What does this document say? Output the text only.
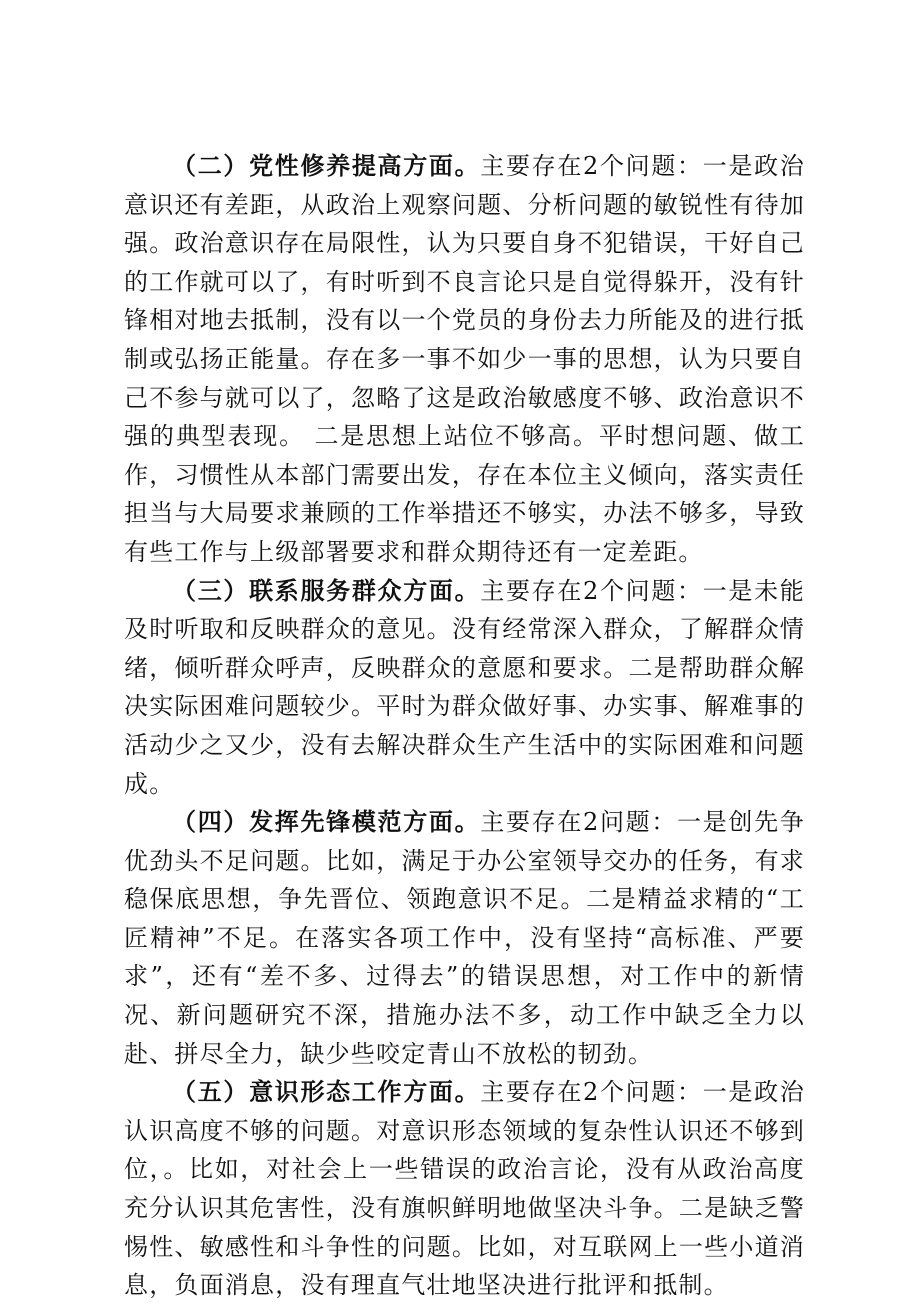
（二）党性修养提高方面。主要存在2个问题：一是政治意识还有差距，从政治上观察问题、分析问题的敏锐性有待加强。政治意识存在局限性，认为只要自身不犯错误，干好自己的工作就可以了，有时听到不良言论只是自觉得躲开，没有针锋相对地去抵制，没有以一个党员的身份去力所能及的进行抵制或弘扬正能量。存在多一事不如少一事的思想，认为只要自己不参与就可以了，忽略了这是政治敏感度不够、政治意识不强的典型表现。 二是思想上站位不够高。平时想问题、做工作，习惯性从本部门需要出发，存在本位主义倾向，落实责任担当与大局要求兼顾的工作举措还不够实，办法不够多，导致有些工作与上级部署要求和群众期待还有一定差距。

（三）联系服务群众方面。主要存在2个问题：一是未能及时听取和反映群众的意见。没有经常深入群众，了解群众情绪，倾听群众呼声，反映群众的意愿和要求。二是帮助群众解决实际困难问题较少。平时为群众做好事、办实事、解难事的活动少之又少，没有去解决群众生产生活中的实际困难和问题成。

（四）发挥先锋模范方面。主要存在2问题：一是创先争优劲头不足问题。比如，满足于办公室领导交办的任务，有求稳保底思想，争先晋位、领跑意识不足。二是精益求精的“工匠精神”不足。在落实各项工作中，没有坚持“高标准、严要求”，还有“差不多、过得去”的错误思想，对工作中的新情况、新问题研究不深，措施办法不多，动工作中缺乏全力以赴、拼尽全力，缺少些咬定青山不放松的韧劲。

（五）意识形态工作方面。主要存在2个问题：一是政治认识高度不够的问题。对意识形态领域的复杂性认识还不够到位，。比如，对社会上一些错误的政治言论，没有从政治高度充分认识其危害性，没有旗帜鲜明地做坚决斗争。二是缺乏警惕性、敏感性和斗争性的问题。比如，对互联网上一些小道消息，负面消息，没有理直气壮地坚决进行批评和抵制。
